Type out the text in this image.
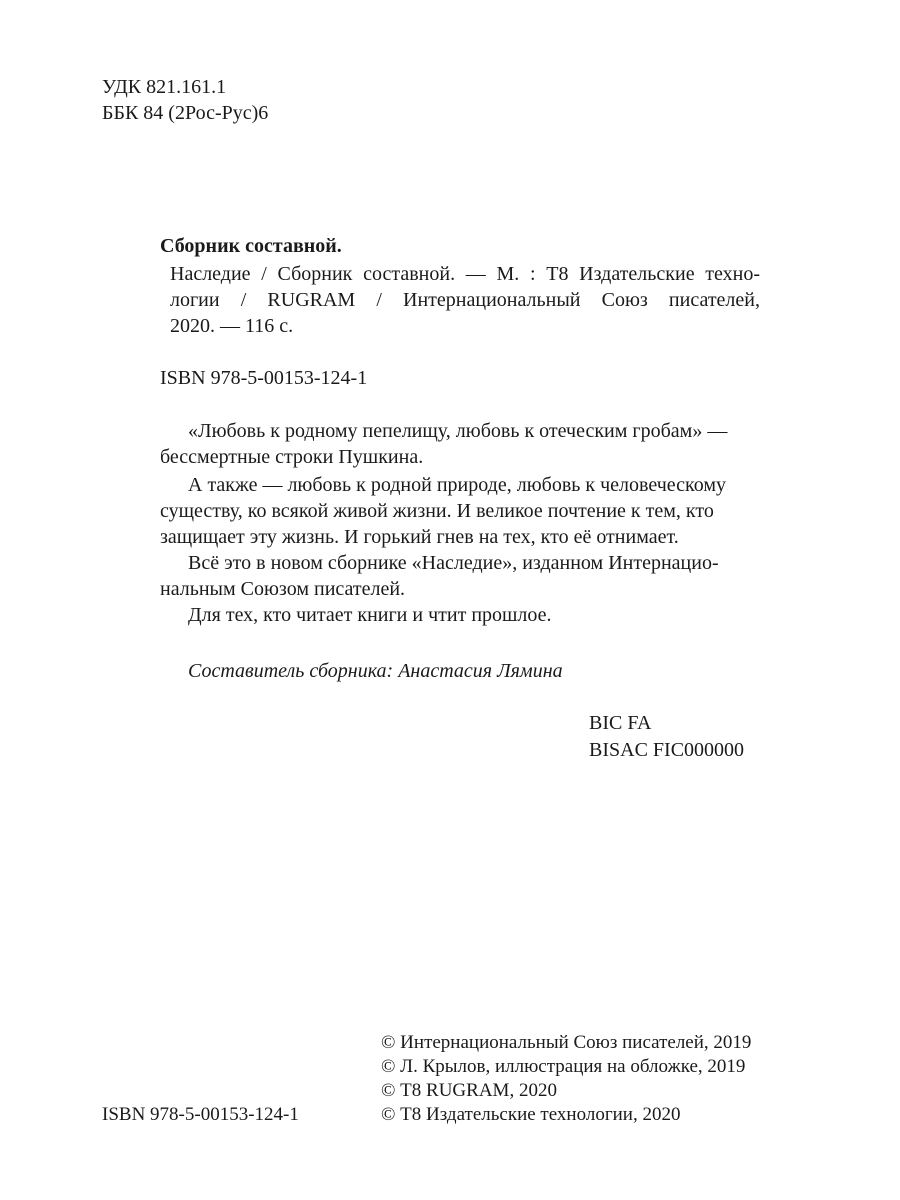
УДК 821.161.1
ББК 84 (2Рос-Рус)6
Сборник составной.
Наследие / Сборник составной. — М. : Т8 Издательские техно-
логии / RUGRAM / Интернациональный Союз писателей,
2020. — 116 с.
ISBN 978-5-00153-124-1
«Любовь к родному пепелищу, любовь к отеческим гробам» —
бессмертные строки Пушкина.
А также — любовь к родной природе, любовь к человеческому
существу, ко всякой живой жизни. И великое почтение к тем, кто
защищает эту жизнь. И горький гнев на тех, кто её отнимает.
Всё это в новом сборнике «Наследие», изданном Интернацио-
нальным Союзом писателей.
Для тех, кто читает книги и чтит прошлое.
Составитель сборника: Анастасия Лямина
BIC FA
BISAC FIC000000
© Интернациональный Союз писателей, 2019
© Л. Крылов, иллюстрация на обложке, 2019
© Т8 RUGRAM, 2020
© Т8 Издательские технологии, 2020
ISBN 978-5-00153-124-1
